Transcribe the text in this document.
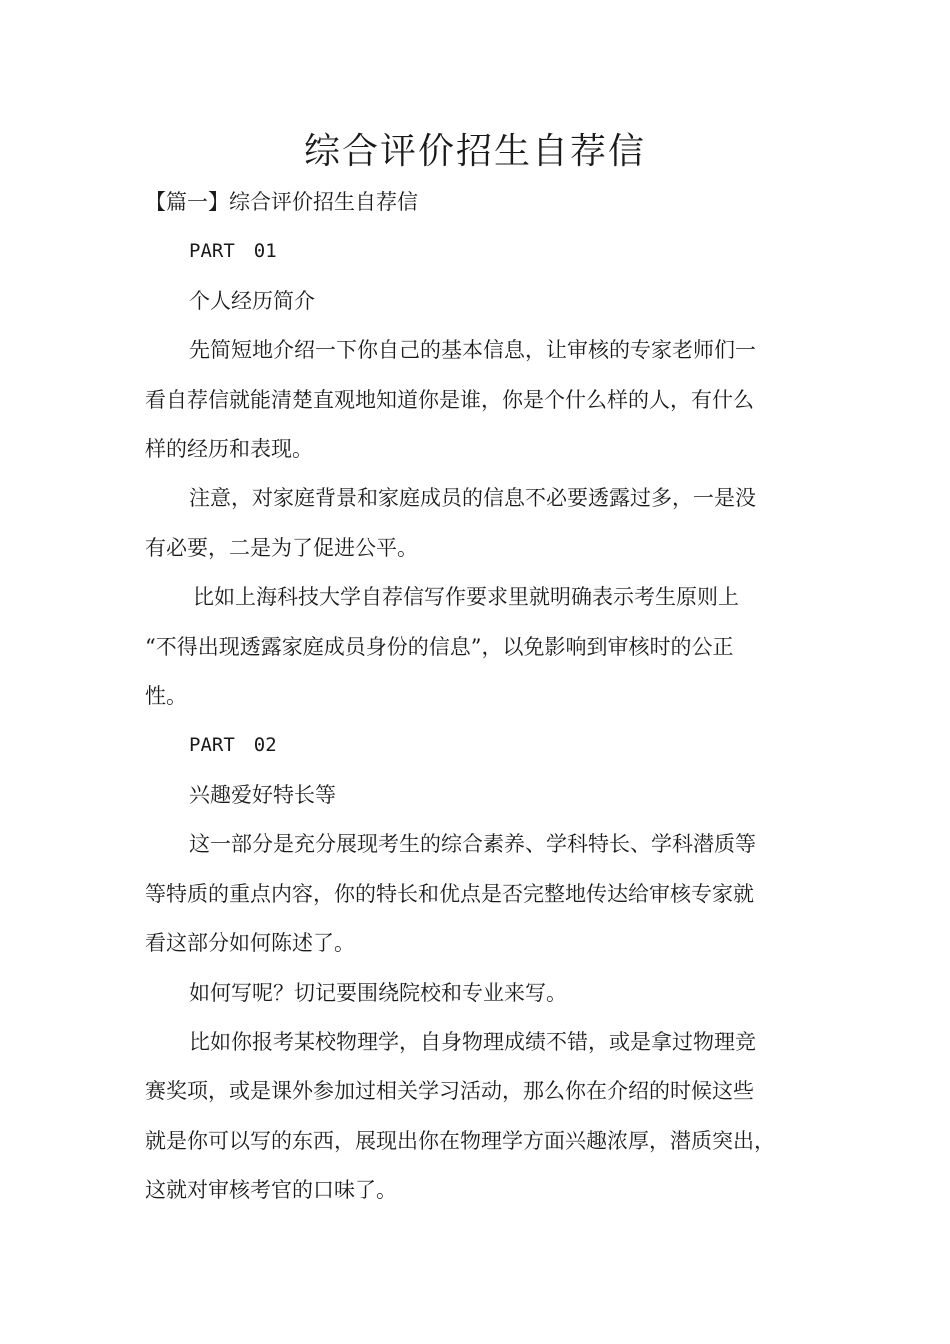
综合评价招生自荐信

【篇一】综合评价招生自荐信

PART　01

个人经历简介

先简短地介绍一下你自己的基本信息，让审核的专家老师们一

看自荐信就能清楚直观地知道你是谁，你是个什么样的人，有什么

样的经历和表现。

注意，对家庭背景和家庭成员的信息不必要透露过多，一是没

有必要，二是为了促进公平。

比如上海科技大学自荐信写作要求里就明确表示考生原则上

“不得出现透露家庭成员身份的信息”，以免影响到审核时的公正

性。

PART　02

兴趣爱好特长等

这一部分是充分展现考生的综合素养、学科特长、学科潜质等

等特质的重点内容，你的特长和优点是否完整地传达给审核专家就

看这部分如何陈述了。

如何写呢？切记要围绕院校和专业来写。

比如你报考某校物理学，自身物理成绩不错，或是拿过物理竞

赛奖项，或是课外参加过相关学习活动，那么你在介绍的时候这些

就是你可以写的东西，展现出你在物理学方面兴趣浓厚，潜质突出，

这就对审核考官的口味了。
